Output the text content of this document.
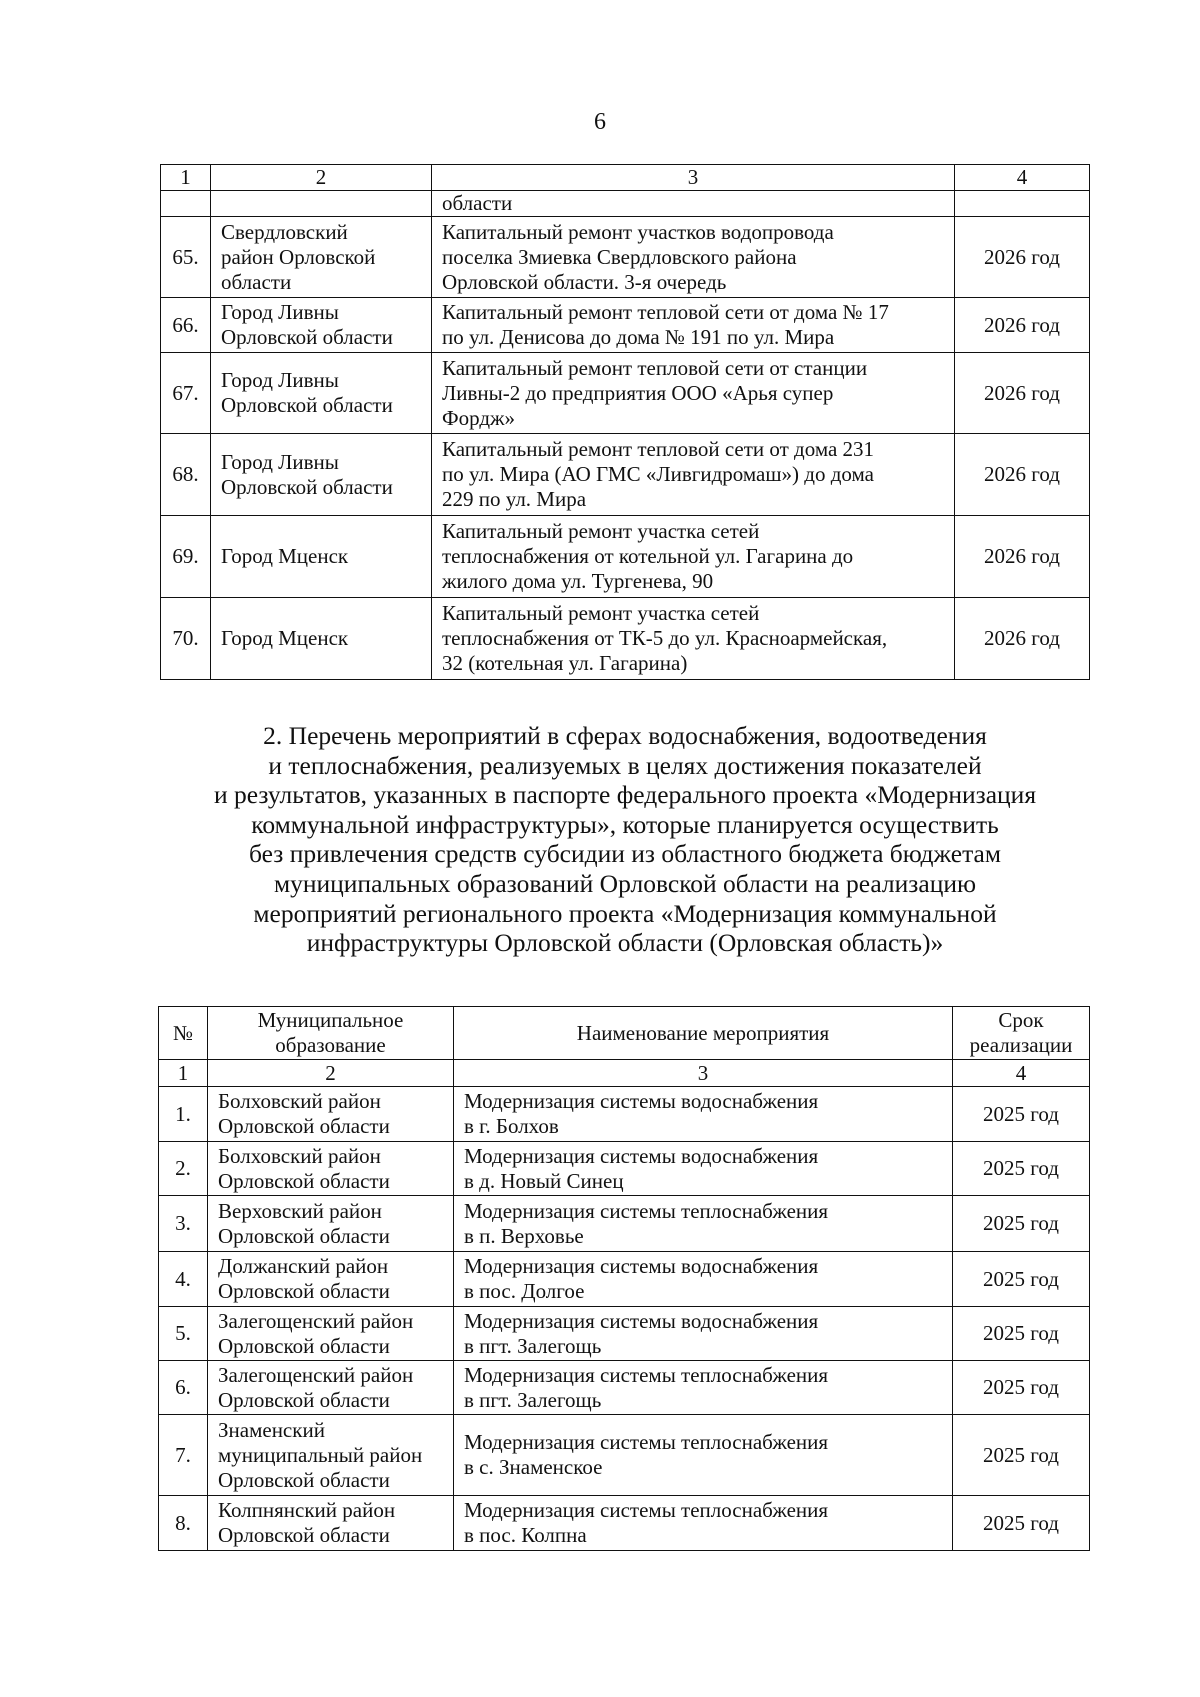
6
1	2	3	4
		области	
65.	Свердловский
район Орловской
области	Капитальный ремонт участков водопровода
поселка Змиевка Свердловского района
Орловской области. 3-я очередь	2026 год
66.	Город Ливны
Орловской области	Капитальный ремонт тепловой сети от дома № 17
по ул. Денисова до дома № 191 по ул. Мира	2026 год
67.	Город Ливны
Орловской области	Капитальный ремонт тепловой сети от станции
Ливны-2 до предприятия ООО «Арья супер
Фордж»	2026 год
68.	Город Ливны
Орловской области	Капитальный ремонт тепловой сети от дома 231
по ул. Мира (АО ГМС «Ливгидромаш») до дома
229 по ул. Мира	2026 год
69.	Город Мценск	Капитальный ремонт участка сетей
теплоснабжения от котельной ул. Гагарина до
жилого дома ул. Тургенева, 90	2026 год
70.	Город Мценск	Капитальный ремонт участка сетей
теплоснабжения от ТК-5 до ул. Красноармейская,
32 (котельная ул. Гагарина)	2026 год
2. Перечень мероприятий в сферах водоснабжения, водоотведения
и теплоснабжения, реализуемых в целях достижения показателей
и результатов, указанных в паспорте федерального проекта «Модернизация
коммунальной инфраструктуры», которые планируется осуществить
без привлечения средств субсидии из областного бюджета бюджетам
муниципальных образований Орловской области на реализацию
мероприятий регионального проекта «Модернизация коммунальной
инфраструктуры Орловской области (Орловская область)»
№	Муниципальное
образование	Наименование мероприятия	Срок
реализации

1	2	3	4
1.	Болховский район
Орловской области	Модернизация системы водоснабжения
в г. Болхов	2025 год
2.	Болховский район
Орловской области	Модернизация системы водоснабжения
в д. Новый Синец	2025 год
3.	Верховский район
Орловской области	Модернизация системы теплоснабжения
в п. Верховье	2025 год
4.	Должанский район
Орловской области	Модернизация системы водоснабжения
в пос. Долгое	2025 год
5.	Залегощенский район
Орловской области	Модернизация системы водоснабжения
в пгт. Залегощь	2025 год
6.	Залегощенский район
Орловской области	Модернизация системы теплоснабжения
в пгт. Залегощь	2025 год
7.	Знаменский
муниципальный район
Орловской области	Модернизация системы теплоснабжения
в с. Знаменское	2025 год
8.	Колпнянский район
Орловской области	Модернизация системы теплоснабжения
в пос. Колпна	2025 год
